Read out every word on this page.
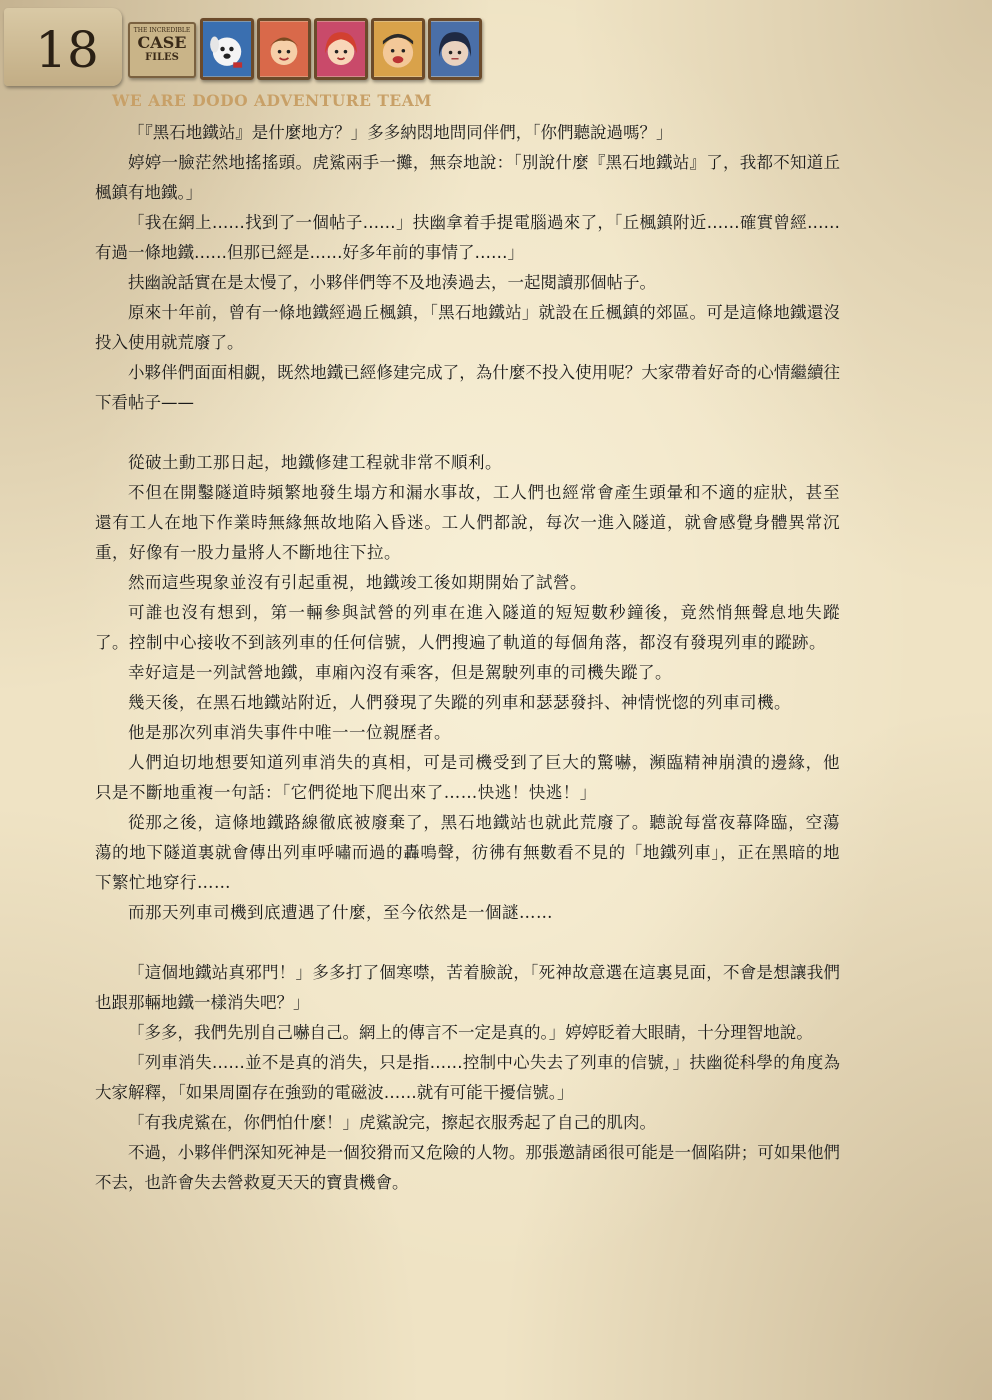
18	THE INCREDIBLE
CASE
FILES
WE ARE DODO ADVENTURE TEAM

「『黑石地鐵站』是什麼地方？」多多納悶地問同伴們，「你們聽說過嗎？」

婷婷一臉茫然地搖搖頭。虎鯊兩手一攤，無奈地說：「別說什麼『黑石地鐵站』了，我都不知道丘楓鎮有地鐵。」

「我在網上……找到了一個帖子……」扶幽拿着手提電腦過來了，「丘楓鎮附近……確實曾經……有過一條地鐵……但那已經是……好多年前的事情了……」

扶幽說話實在是太慢了，小夥伴們等不及地湊過去，一起閱讀那個帖子。

原來十年前，曾有一條地鐵經過丘楓鎮，「黑石地鐵站」就設在丘楓鎮的郊區。可是這條地鐵還沒投入使用就荒廢了。

小夥伴們面面相覷，既然地鐵已經修建完成了，為什麼不投入使用呢？大家帶着好奇的心情繼續往下看帖子——

從破土動工那日起，地鐵修建工程就非常不順利。

不但在開鑿隧道時頻繁地發生塌方和漏水事故，工人們也經常會產生頭暈和不適的症狀，甚至還有工人在地下作業時無緣無故地陷入昏迷。工人們都說，每次一進入隧道，就會感覺身體異常沉重，好像有一股力量將人不斷地往下拉。

然而這些現象並沒有引起重視，地鐵竣工後如期開始了試營。

可誰也沒有想到，第一輛參與試營的列車在進入隧道的短短數秒鐘後，竟然悄無聲息地失蹤了。控制中心接收不到該列車的任何信號，人們搜遍了軌道的每個角落，都沒有發現列車的蹤跡。

幸好這是一列試營地鐵，車廂內沒有乘客，但是駕駛列車的司機失蹤了。

幾天後，在黑石地鐵站附近，人們發現了失蹤的列車和瑟瑟發抖、神情恍惚的列車司機。

他是那次列車消失事件中唯一一位親歷者。

人們迫切地想要知道列車消失的真相，可是司機受到了巨大的驚嚇，瀕臨精神崩潰的邊緣，他只是不斷地重複一句話：「它們從地下爬出來了……快逃！快逃！」

從那之後，這條地鐵路線徹底被廢棄了，黑石地鐵站也就此荒廢了。聽說每當夜幕降臨，空蕩蕩的地下隧道裏就會傳出列車呼嘯而過的轟鳴聲，彷彿有無數看不見的「地鐵列車」，正在黑暗的地下繁忙地穿行……

而那天列車司機到底遭遇了什麼，至今依然是一個謎……

「這個地鐵站真邪門！」多多打了個寒噤，苦着臉說，「死神故意選在這裏見面，不會是想讓我們也跟那輛地鐵一樣消失吧？」

「多多，我們先別自己嚇自己。網上的傳言不一定是真的。」婷婷眨着大眼睛，十分理智地說。

「列車消失……並不是真的消失，只是指……控制中心失去了列車的信號，」扶幽從科學的角度為大家解釋，「如果周圍存在強勁的電磁波……就有可能干擾信號。」

「有我虎鯊在，你們怕什麼！」虎鯊說完，擦起衣服秀起了自己的肌肉。

不過，小夥伴們深知死神是一個狡猾而又危險的人物。那張邀請函很可能是一個陷阱；可如果他們不去，也許會失去營救夏天天的寶貴機會。
